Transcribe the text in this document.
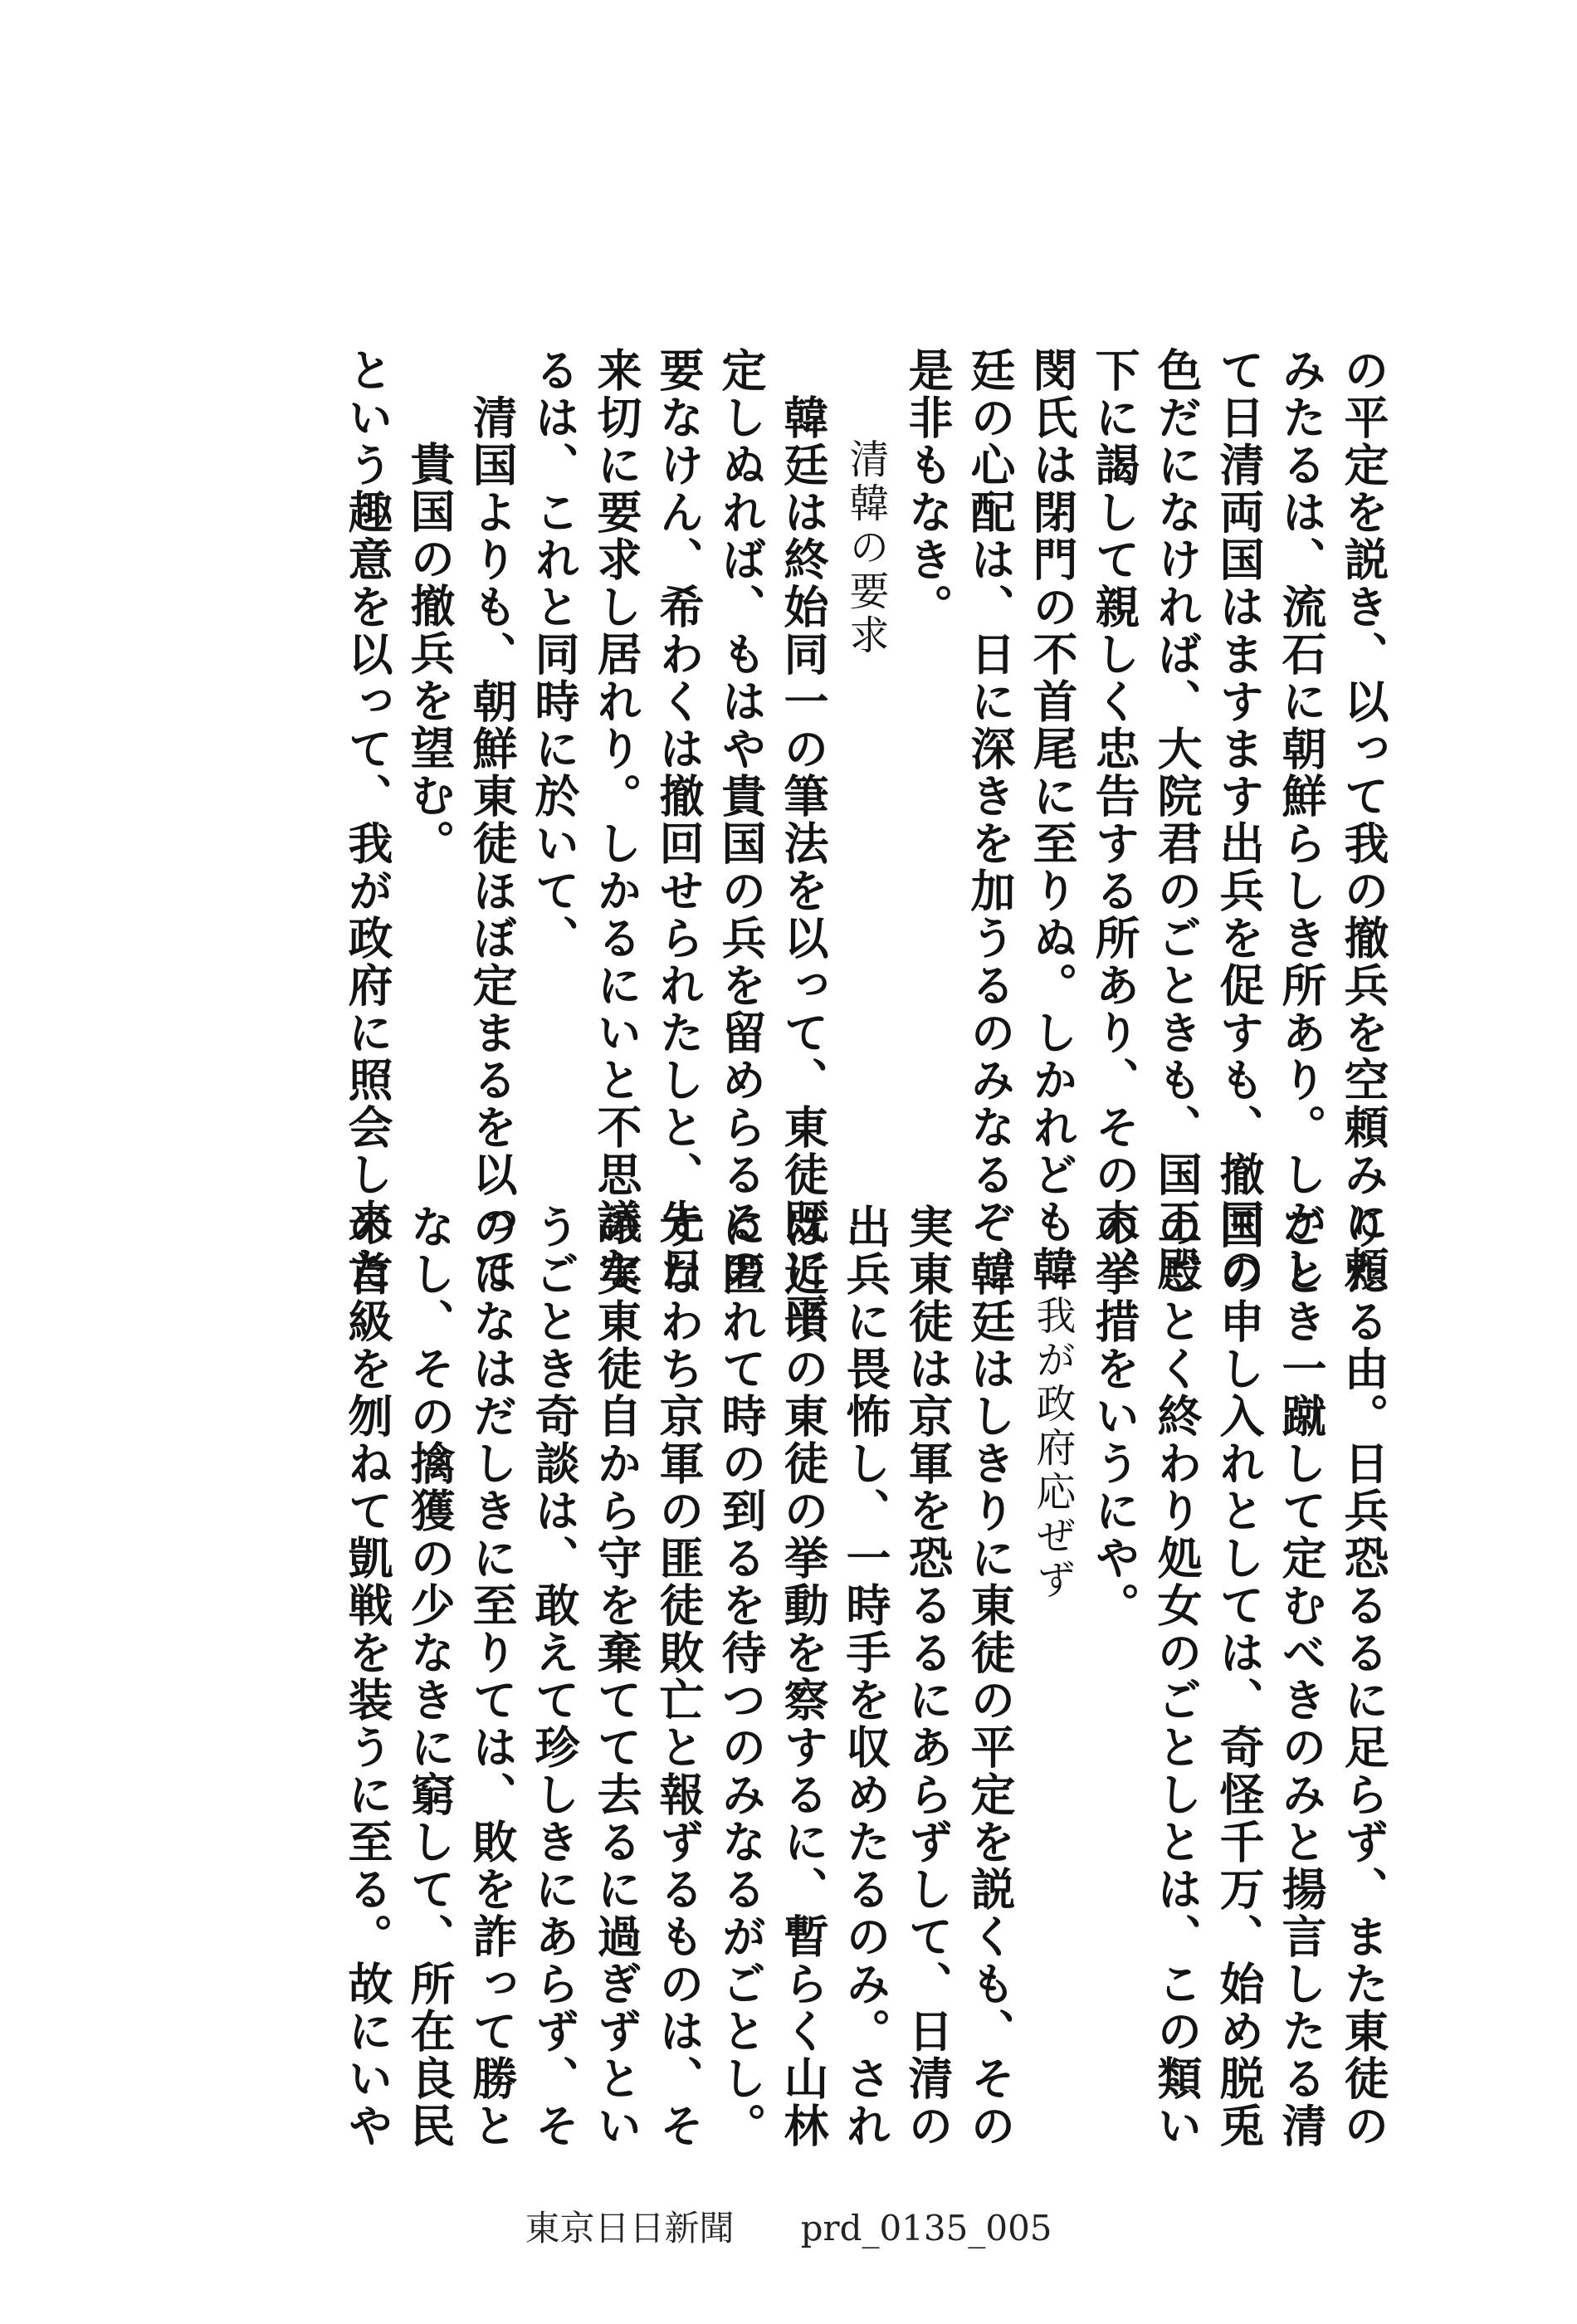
の平定を説き、以って我の撤兵を空頼みに頼
みたるは、流石に朝鮮らしき所あり。しかし
て日清両国はますます出兵を促すも、撤回の
色だになければ、大院君のごときも、国王殿
下に謁して親しく忠告する所あり、その末、
閔氏は閉門の不首尾に至りぬ。しかれども韓
廷の心配は、日に深きを加うるのみなるぞ、
是非もなき。
清韓の要求
韓廷は終始同一の筆法を以って、東徒既に平
定しぬれば、もはや貴国の兵を留めらるるの
要なけん、希わくは撤回せられたしと、先日
来切に要求し居れり。しかるにいと不思議な
るは、これと同時に於いて、
清国よりも、朝鮮東徒ほぼ定まるを以って
貴国の撤兵を望む。
という趣意を以って、我が政府に照会し来た
りたる由。日兵恐るるに足らず、また東徒の
ごとき一蹴して定むべきのみと揚言したる清
国の申し入れとしては、奇怪千万、始め脱兎
のごとく終わり処女のごとしとは、この類い
の挙措をいうにや。
我が政府応ぜず
韓廷はしきりに東徒の平定を説くも、その
実東徒は京軍を恐るるにあらずして、日清の
出兵に畏怖し、一時手を収めたるのみ。され
ば近頃の東徒の挙動を察するに、暫らく山林
に匿れて時の到るを待つのみなるがごとし。
すなわち京軍の匪徒敗亡と報ずるものは、そ
の実東徒自から守を棄てて去るに過ぎずとい
うごとき奇談は、敢えて珍しきにあらず、そ
のはなはだしきに至りては、敗を詐って勝と
なし、その擒獲の少なきに窮して、所在良民
の首級を刎ねて凱戦を装うに至る。故にいや
東京日日新聞 prd_0135_005
